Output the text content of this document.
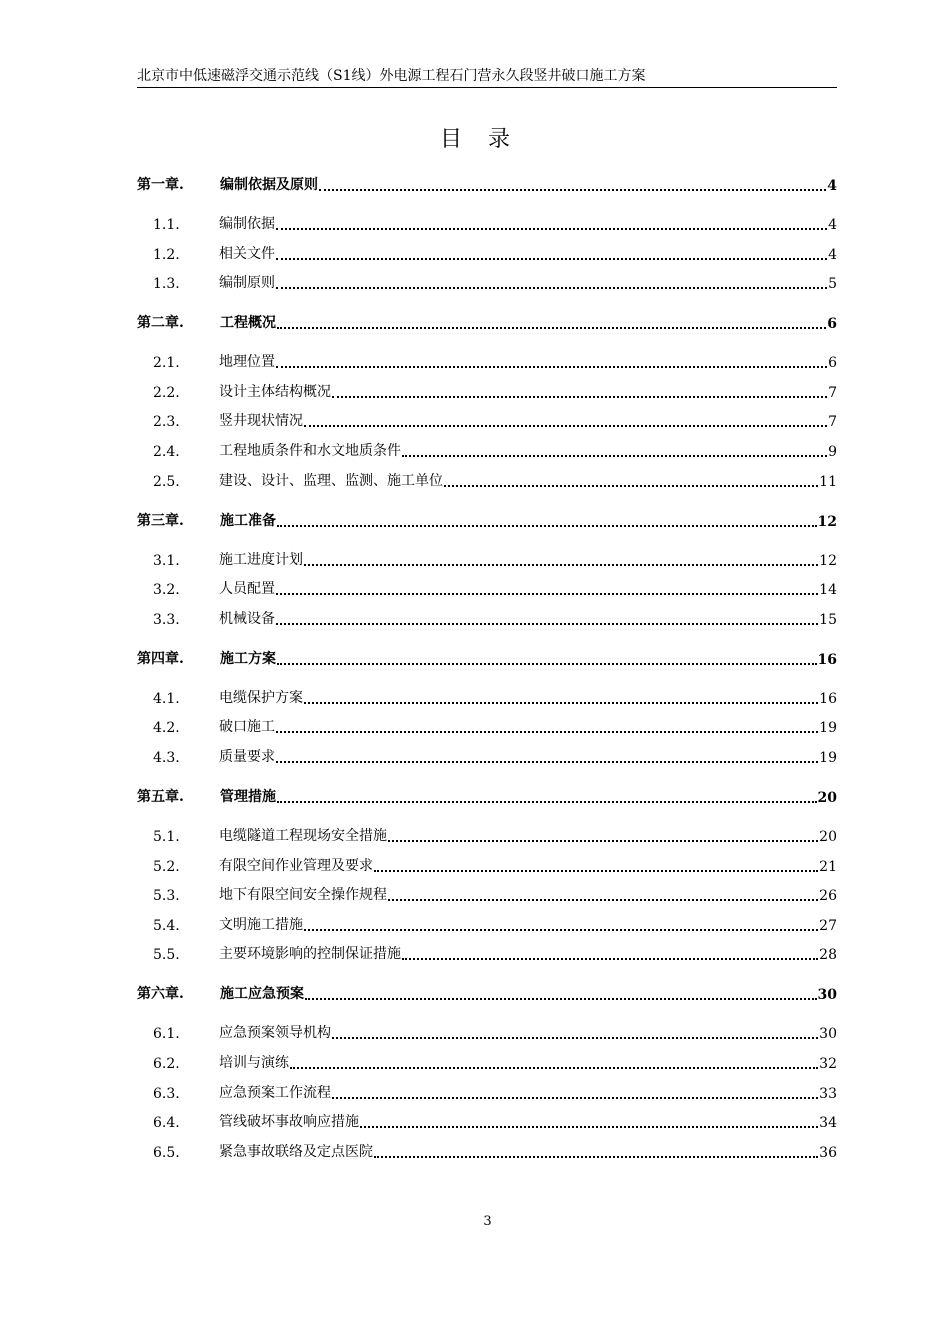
北京市中低速磁浮交通示范线（S1线）外电源工程石门营永久段竖井破口施工方案
目录
第一章.	编制依据及原则	4
1.1.	编制依据	4
1.2.	相关文件	4
1.3.	编制原则	5
第二章.	工程概况	6
2.1.	地理位置	6
2.2.	设计主体结构概况	7
2.3.	竖井现状情况	7
2.4.	工程地质条件和水文地质条件	9
2.5.	建设、设计、监理、监测、施工单位	11
第三章.	施工准备	12
3.1.	施工进度计划	12
3.2.	人员配置	14
3.3.	机械设备	15
第四章.	施工方案	16
4.1.	电缆保护方案	16
4.2.	破口施工	19
4.3.	质量要求	19
第五章.	管理措施	20
5.1.	电缆隧道工程现场安全措施	20
5.2.	有限空间作业管理及要求	21
5.3.	地下有限空间安全操作规程	26
5.4.	文明施工措施	27
5.5.	主要环境影响的控制保证措施	28
第六章.	施工应急预案	30
6.1.	应急预案领导机构	30
6.2.	培训与演练	32
6.3.	应急预案工作流程	33
6.4.	管线破坏事故响应措施	34
6.5.	紧急事故联络及定点医院	36
3
